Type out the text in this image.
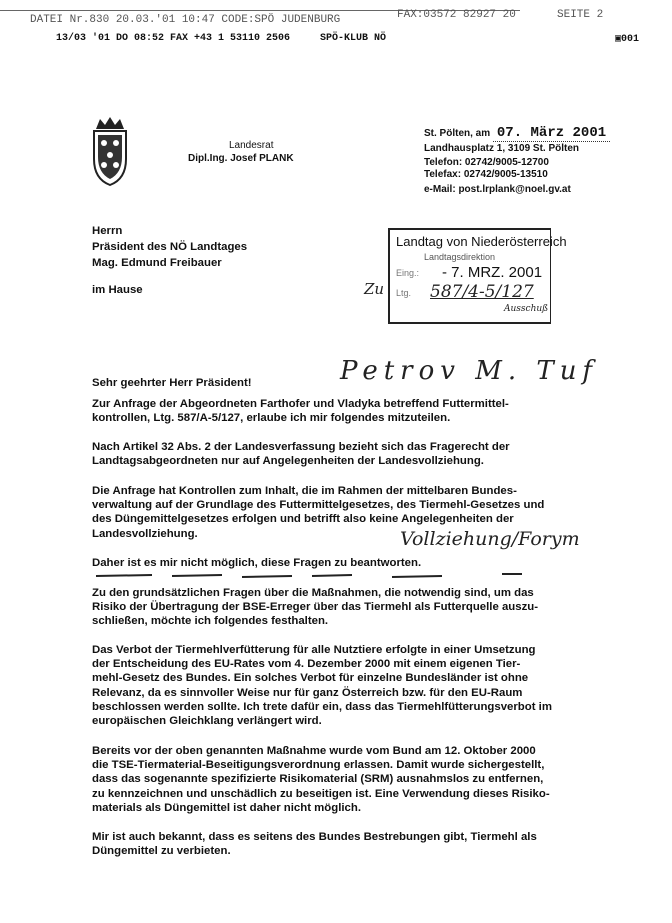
DATEI Nr.830 20.03.'01 10:47 CODE:SPÖ JUDENBURG	FAX:03572 82927 20	SEITE 2
13/03 '01 DO 08:52 FAX +43 1 53110 2506	SPÖ-KLUB NÖ	▣001
Landesrat
Dipl.Ing. Josef PLANK
St. Pölten, am 07. März 2001
Landhausplatz 1, 3109 St. Pölten
Telefon: 02742/9005-12700
Telefax: 02742/9005-13510
e-Mail: post.lrplank@noel.gv.at
Herrn
Präsident des NÖ Landtages
Mag. Edmund Freibauer
im Hause
Landtag von Niederösterreich
Landtagsdirektion
Eing.: - 7. MRZ. 2001
Ltg. 587/4-5/127
Ausschuß
Zu
Petrov M. Tuf
Vollziehung/Forym
Sehr geehrter Herr Präsident!
Zur Anfrage der Abgeordneten Farthofer und Vladyka betreffend Futtermittel-
kontrollen, Ltg. 587/A-5/127, erlaube ich mir folgendes mitzuteilen.
Nach Artikel 32 Abs. 2 der Landesverfassung bezieht sich das Fragerecht der
Landtagsabgeordneten nur auf Angelegenheiten der Landesvollziehung.
Die Anfrage hat Kontrollen zum Inhalt, die im Rahmen der mittelbaren Bundes-
verwaltung auf der Grundlage des Futtermittelgesetzes, des Tiermehl-Gesetzes und
des Düngemittelgesetzes erfolgen und betrifft also keine Angelegenheiten der
Landesvollziehung.
Daher ist es mir nicht möglich, diese Fragen zu beantworten.
Zu den grundsätzlichen Fragen über die Maßnahmen, die notwendig sind, um das
Risiko der Übertragung der BSE-Erreger über das Tiermehl als Futterquelle auszu-
schließen, möchte ich folgendes festhalten.
Das Verbot der Tiermehlverfütterung für alle Nutztiere erfolgte in einer Umsetzung
der Entscheidung des EU-Rates vom 4. Dezember 2000 mit einem eigenen Tier-
mehl-Gesetz des Bundes. Ein solches Verbot für einzelne Bundesländer ist ohne
Relevanz, da es sinnvoller Weise nur für ganz Österreich bzw. für den EU-Raum
beschlossen werden sollte. Ich trete dafür ein, dass das Tiermehlfütterungsverbot im
europäischen Gleichklang verlängert wird.
Bereits vor der oben genannten Maßnahme wurde vom Bund am 12. Oktober 2000
die TSE-Tiermaterial-Beseitigungsverordnung erlassen. Damit wurde sichergestellt,
dass das sogenannte spezifizierte Risikomaterial (SRM) ausnahmslos zu entfernen,
zu kennzeichnen und unschädlich zu beseitigen ist. Eine Verwendung dieses Risiko-
materials als Düngemittel ist daher nicht möglich.
Mir ist auch bekannt, dass es seitens des Bundes Bestrebungen gibt, Tiermehl als
Düngemittel zu verbieten.
